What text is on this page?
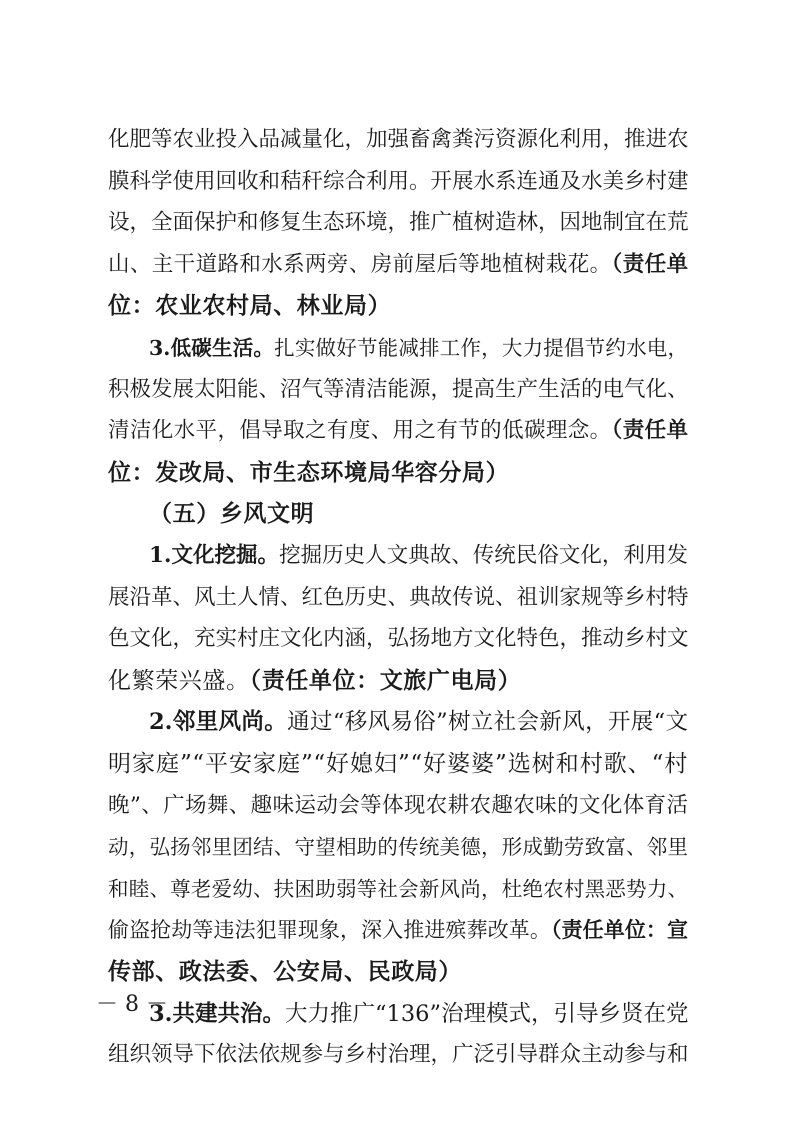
化肥等农业投入品减量化，加强畜禽粪污资源化利用，推进农
膜科学使用回收和秸秆综合利用。开展水系连通及水美乡村建
设，全面保护和修复生态环境，推广植树造林，因地制宜在荒
山、主干道路和水系两旁、房前屋后等地植树栽花。（责任单
位：农业农村局、林业局）
3.低碳生活。扎实做好节能减排工作，大力提倡节约水电，
积极发展太阳能、沼气等清洁能源，提高生产生活的电气化、
清洁化水平，倡导取之有度、用之有节的低碳理念。（责任单
位：发改局、市生态环境局华容分局）
（五）乡风文明
1.文化挖掘。挖掘历史人文典故、传统民俗文化，利用发
展沿革、风土人情、红色历史、典故传说、祖训家规等乡村特
色文化，充实村庄文化内涵，弘扬地方文化特色，推动乡村文
化繁荣兴盛。（责任单位：文旅广电局）
2.邻里风尚。通过“移风易俗”树立社会新风，开展“文
明家庭”“平安家庭”“好媳妇”“好婆婆”选树和村歌、“村
晚”、广场舞、趣味运动会等体现农耕农趣农味的文化体育活
动，弘扬邻里团结、守望相助的传统美德，形成勤劳致富、邻里
和睦、尊老爱幼、扶困助弱等社会新风尚，杜绝农村黑恶势力、
偷盗抢劫等违法犯罪现象，深入推进殡葬改革。（责任单位：宣
传部、政法委、公安局、民政局）
3.共建共治。大力推广“136”治理模式，引导乡贤在党
组织领导下依法依规参与乡村治理，广泛引导群众主动参与和
－ 8 －
